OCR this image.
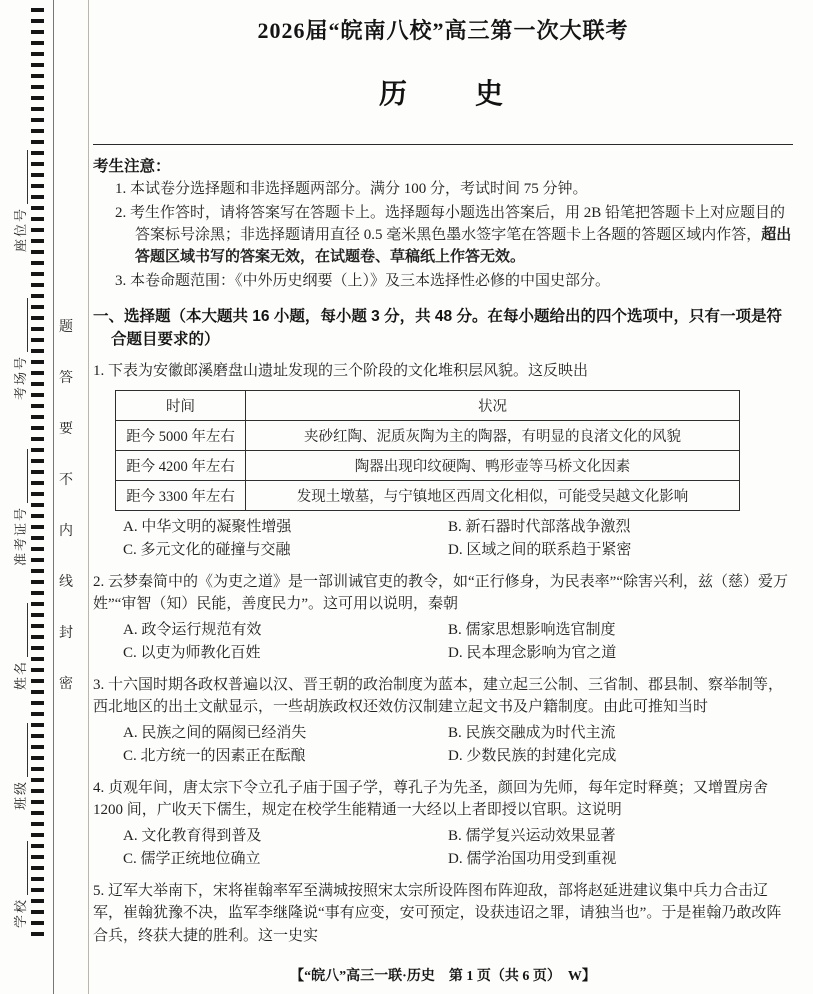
座位号
考场号
准考证号
姓名
班级
学校
题
答
要
不
内
线
封
密
2026届“皖南八校”高三第一次大联考
历　　史
考生注意：
1. 本试卷分选择题和非选择题两部分。满分 100 分，考试时间 75 分钟。
2. 考生作答时，请将答案写在答题卡上。选择题每小题选出答案后，用 2B 铅笔把答题卡上对应题目的答案标号涂黑；非选择题请用直径 0.5 毫米黑色墨水签字笔在答题卡上各题的答题区域内作答，超出答题区域书写的答案无效，在试题卷、草稿纸上作答无效。
3. 本卷命题范围：《中外历史纲要（上）》及三本选择性必修的中国史部分。
一、选择题（本大题共 16 小题，每小题 3 分，共 48 分。在每小题给出的四个选项中，只有一项是符合题目要求的）
1. 下表为安徽郎溪磨盘山遗址发现的三个阶段的文化堆积层风貌。这反映出
时间	状况
距今 5000 年左右	夹砂红陶、泥质灰陶为主的陶器，有明显的良渚文化的风貌
距今 4200 年左右	陶器出现印纹硬陶、鸭形壶等马桥文化因素
距今 3300 年左右	发现土墩墓，与宁镇地区西周文化相似，可能受吴越文化影响
A. 中华文明的凝聚性增强	B. 新石器时代部落战争激烈
C. 多元文化的碰撞与交融	D. 区域之间的联系趋于紧密
2. 云梦秦简中的《为吏之道》是一部训诫官吏的教令，如“正行修身，为民表率”“除害兴利，兹（慈）爱万姓”“审智（知）民能，善度民力”。这可用以说明，秦朝
A. 政令运行规范有效	B. 儒家思想影响选官制度
C. 以吏为师教化百姓	D. 民本理念影响为官之道
3. 十六国时期各政权普遍以汉、晋王朝的政治制度为蓝本，建立起三公制、三省制、郡县制、察举制等，西北地区的出土文献显示，一些胡族政权还效仿汉制建立起文书及户籍制度。由此可推知当时
A. 民族之间的隔阂已经消失	B. 民族交融成为时代主流
C. 北方统一的因素正在酝酿	D. 少数民族的封建化完成
4. 贞观年间，唐太宗下令立孔子庙于国子学，尊孔子为先圣，颜回为先师，每年定时释奠；又增置房舍 1200 间，广收天下儒生，规定在校学生能精通一大经以上者即授以官职。这说明
A. 文化教育得到普及	B. 儒学复兴运动效果显著
C. 儒学正统地位确立	D. 儒学治国功用受到重视
5. 辽军大举南下，宋将崔翰率军至满城按照宋太宗所设阵图布阵迎敌，部将赵延进建议集中兵力合击辽军，崔翰犹豫不决，监军李继隆说“事有应变，安可预定，设获违诏之罪，请独当也”。于是崔翰乃敢改阵合兵，终获大捷的胜利。这一史实
【“皖八”高三一联·历史　第 1 页（共 6 页）　W】
